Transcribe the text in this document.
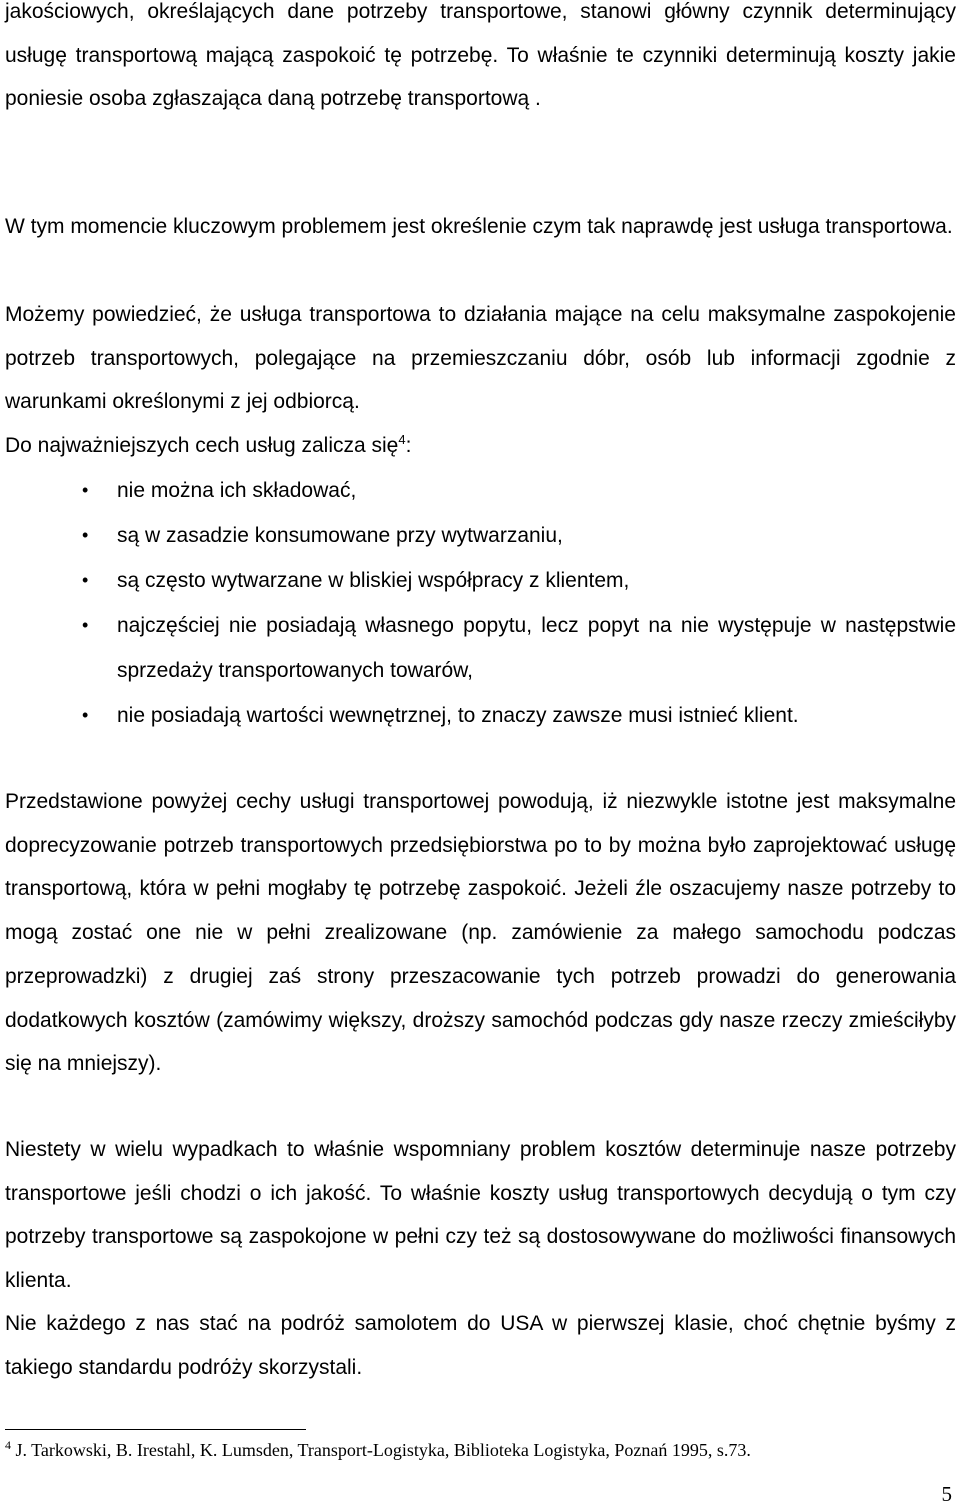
jakościowych, określających dane potrzeby transportowe, stanowi główny czynnik determinujący usługę transportową mającą zaspokoić tę potrzebę. To właśnie te czynniki determinują koszty jakie poniesie osoba zgłaszająca daną potrzebę transportową .

W tym momencie kluczowym problemem jest określenie czym tak naprawdę jest usługa transportowa.

Możemy powiedzieć, że usługa transportowa to działania mające na celu maksymalne zaspokojenie potrzeb transportowych, polegające na przemieszczaniu dóbr, osób lub informacji zgodnie z warunkami określonymi z jej odbiorcą.

Do najważniejszych cech usług zalicza się$^4$:

• nie można ich składować,
• są w zasadzie konsumowane przy wytwarzaniu,
• są często wytwarzane w bliskiej współpracy z klientem,
• najczęściej nie posiadają własnego popytu, lecz popyt na nie występuje w następstwie sprzedaży transportowanych towarów,
• nie posiadają wartości wewnętrznej, to znaczy zawsze musi istnieć klient.

Przedstawione powyżej cechy usługi transportowej powodują, iż niezwykle istotne jest maksymalne doprecyzowanie potrzeb transportowych przedsiębiorstwa po to by można było zaprojektować usługę transportową, która w pełni mogłaby tę potrzebę zaspokoić. Jeżeli źle oszacujemy nasze potrzeby to mogą zostać one nie w pełni zrealizowane (np. zamówienie za małego samochodu podczas przeprowadzki) z drugiej zaś strony przeszacowanie tych potrzeb prowadzi do generowania dodatkowych kosztów (zamówimy większy, droższy samochód podczas gdy nasze rzeczy zmieściłyby się na mniejszy).

Niestety w wielu wypadkach to właśnie wspomniany problem kosztów determinuje nasze potrzeby transportowe jeśli chodzi o ich jakość. To właśnie koszty usług transportowych decydują o tym czy potrzeby transportowe są zaspokojone w pełni czy też są dostosowywane do możliwości finansowych klienta.

Nie każdego z nas stać na podróż samolotem do USA w pierwszej klasie, choć chętnie byśmy z takiego standardu podróży skorzystali.

$^4$ J. Tarkowski, B. Irestahl, K. Lumsden, Transport-Logistyka, Biblioteka Logistyka, Poznań 1995, s.73.
5
